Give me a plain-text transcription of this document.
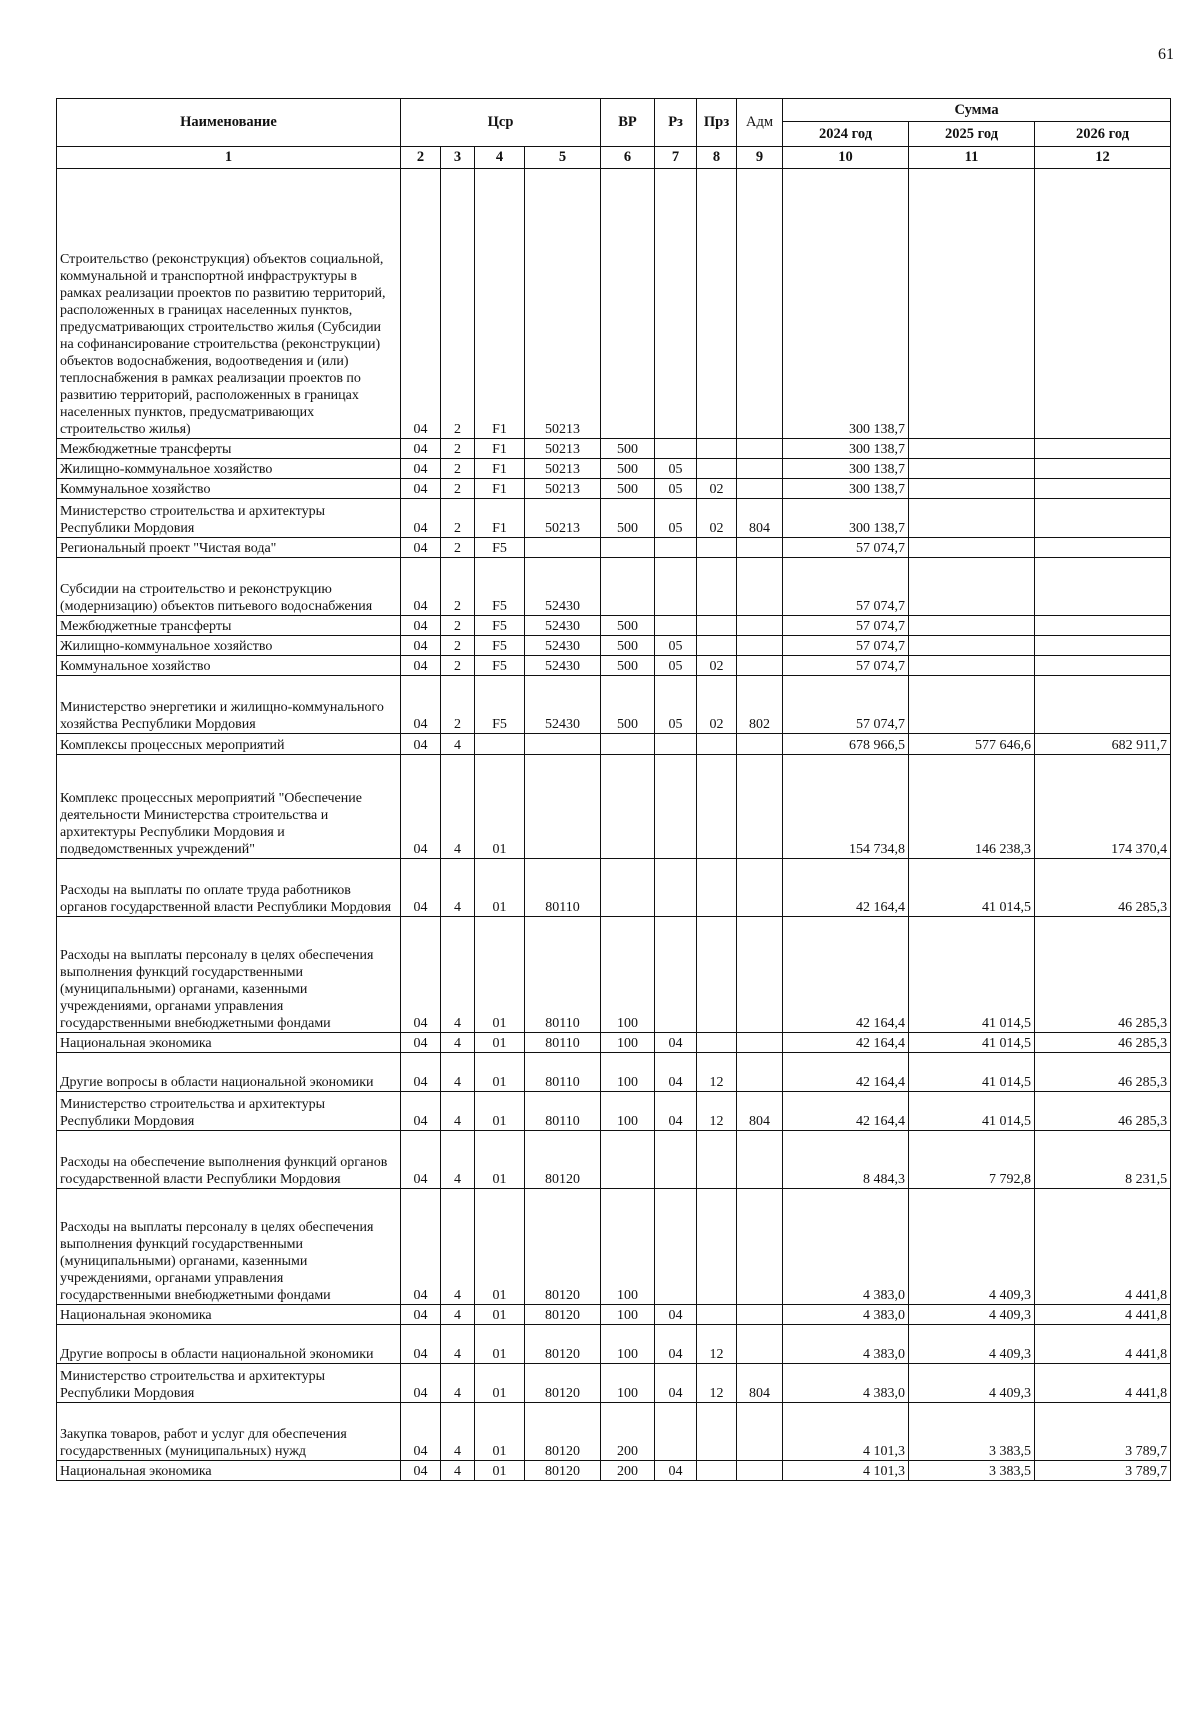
61
Наименование	Цср				ВР	Рз	Прз	Адм	Сумма		
									2024 год	2025 год	2026 год
1	2	3	4	5	6	7	8	9	10	11	12
Строительство (реконструкция) объектов социальной, коммунальной и транспортной инфраструктуры в рамках реализации проектов по развитию территорий, расположенных в границах населенных пунктов, предусматривающих строительство жилья (Субсидии на софинансирование строительства (реконструкции) объектов водоснабжения, водоотведения и (или) теплоснабжения в рамках реализации проектов по развитию территорий, расположенных в границах населенных пунктов, предусматривающих строительство жилья)	04	2	F1	50213					300 138,7		
Межбюджетные трансферты	04	2	F1	50213	500				300 138,7		
Жилищно-коммунальное хозяйство	04	2	F1	50213	500	05			300 138,7		
Коммунальное хозяйство	04	2	F1	50213	500	05	02		300 138,7		
Министерство строительства и архитектуры Республики Мордовия	04	2	F1	50213	500	05	02	804	300 138,7		
Региональный проект "Чистая вода"	04	2	F5						57 074,7		
Субсидии на строительство и реконструкцию (модернизацию) объектов питьевого водоснабжения	04	2	F5	52430					57 074,7		
Межбюджетные трансферты	04	2	F5	52430	500				57 074,7		
Жилищно-коммунальное хозяйство	04	2	F5	52430	500	05			57 074,7		
Коммунальное хозяйство	04	2	F5	52430	500	05	02		57 074,7		
Министерство энергетики и жилищно-коммунального хозяйства Республики Мордовия	04	2	F5	52430	500	05	02	802	57 074,7		
Комплексы процессных мероприятий	04	4							678 966,5	577 646,6	682 911,7
Комплекс процессных мероприятий "Обеспечение деятельности Министерства строительства и архитектуры Республики Мордовия и подведомственных учреждений"	04	4	01						154 734,8	146 238,3	174 370,4
Расходы на выплаты по оплате труда работников органов государственной власти Республики Мордовия	04	4	01	80110					42 164,4	41 014,5	46 285,3
Расходы на выплаты персоналу в целях обеспечения выполнения функций государственными (муниципальными) органами, казенными учреждениями, органами управления государственными внебюджетными фондами	04	4	01	80110	100				42 164,4	41 014,5	46 285,3
Национальная экономика	04	4	01	80110	100	04			42 164,4	41 014,5	46 285,3
Другие вопросы в области национальной экономики	04	4	01	80110	100	04	12		42 164,4	41 014,5	46 285,3
Министерство строительства и архитектуры Республики Мордовия	04	4	01	80110	100	04	12	804	42 164,4	41 014,5	46 285,3
Расходы на обеспечение выполнения функций органов государственной власти Республики Мордовия	04	4	01	80120					8 484,3	7 792,8	8 231,5
Расходы на выплаты персоналу в целях обеспечения выполнения функций государственными (муниципальными) органами, казенными учреждениями, органами управления государственными внебюджетными фондами	04	4	01	80120	100				4 383,0	4 409,3	4 441,8
Национальная экономика	04	4	01	80120	100	04			4 383,0	4 409,3	4 441,8
Другие вопросы в области национальной экономики	04	4	01	80120	100	04	12		4 383,0	4 409,3	4 441,8
Министерство строительства и архитектуры Республики Мордовия	04	4	01	80120	100	04	12	804	4 383,0	4 409,3	4 441,8
Закупка товаров, работ и услуг для обеспечения государственных (муниципальных) нужд	04	4	01	80120	200				4 101,3	3 383,5	3 789,7
Национальная экономика	04	4	01	80120	200	04			4 101,3	3 383,5	3 789,7
